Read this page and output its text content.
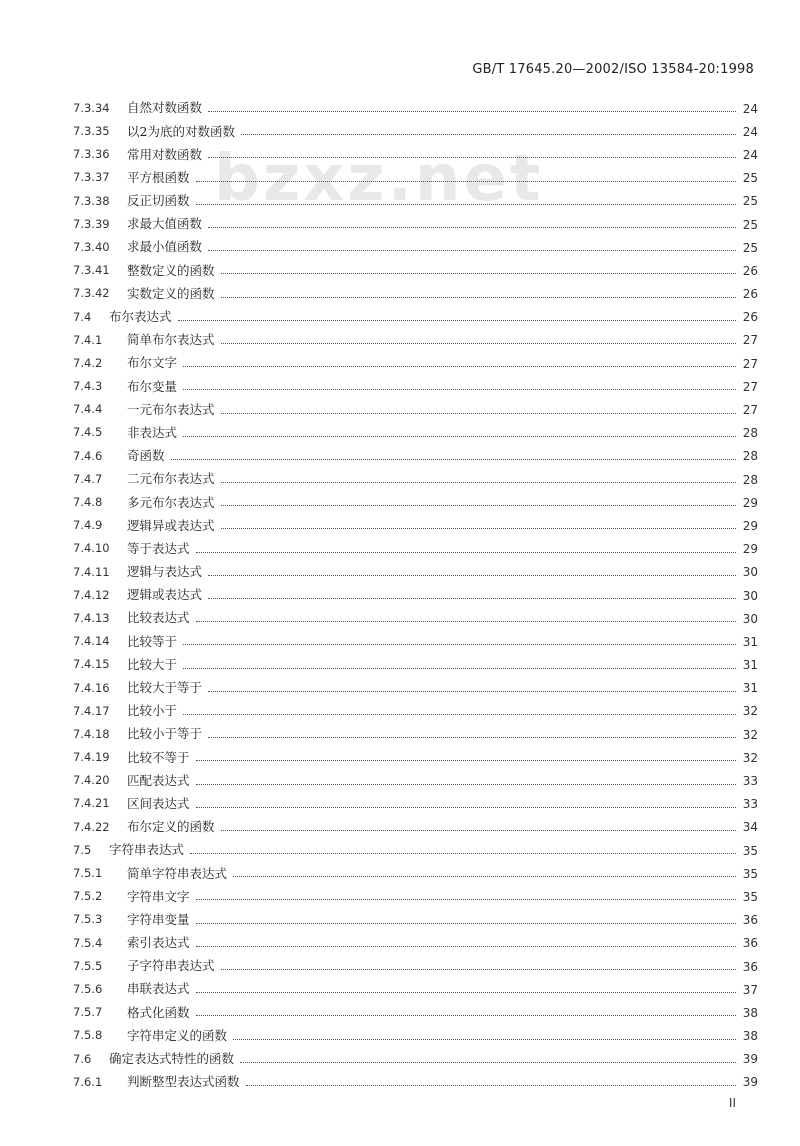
GB/T 17645.20—2002/ISO 13584-20:1998
bzxz.net
7.3.34	自然对数函数	24
7.3.35	以2为底的对数函数	24
7.3.36	常用对数函数	24
7.3.37	平方根函数	25
7.3.38	反正切函数	25
7.3.39	求最大值函数	25
7.3.40	求最小值函数	25
7.3.41	整数定义的函数	26
7.3.42	实数定义的函数	26
7.4	布尔表达式	26
7.4.1	简单布尔表达式	27
7.4.2	布尔文字	27
7.4.3	布尔变量	27
7.4.4	一元布尔表达式	27
7.4.5	非表达式	28
7.4.6	奇函数	28
7.4.7	二元布尔表达式	28
7.4.8	多元布尔表达式	29
7.4.9	逻辑异或表达式	29
7.4.10	等于表达式	29
7.4.11	逻辑与表达式	30
7.4.12	逻辑或表达式	30
7.4.13	比较表达式	30
7.4.14	比较等于	31
7.4.15	比较大于	31
7.4.16	比较大于等于	31
7.4.17	比较小于	32
7.4.18	比较小于等于	32
7.4.19	比较不等于	32
7.4.20	匹配表达式	33
7.4.21	区间表达式	33
7.4.22	布尔定义的函数	34
7.5	字符串表达式	35
7.5.1	简单字符串表达式	35
7.5.2	字符串文字	35
7.5.3	字符串变量	36
7.5.4	索引表达式	36
7.5.5	子字符串表达式	36
7.5.6	串联表达式	37
7.5.7	格式化函数	38
7.5.8	字符串定义的函数	38
7.6	确定表达式特性的函数	39
7.6.1	判断整型表达式函数	39
II
